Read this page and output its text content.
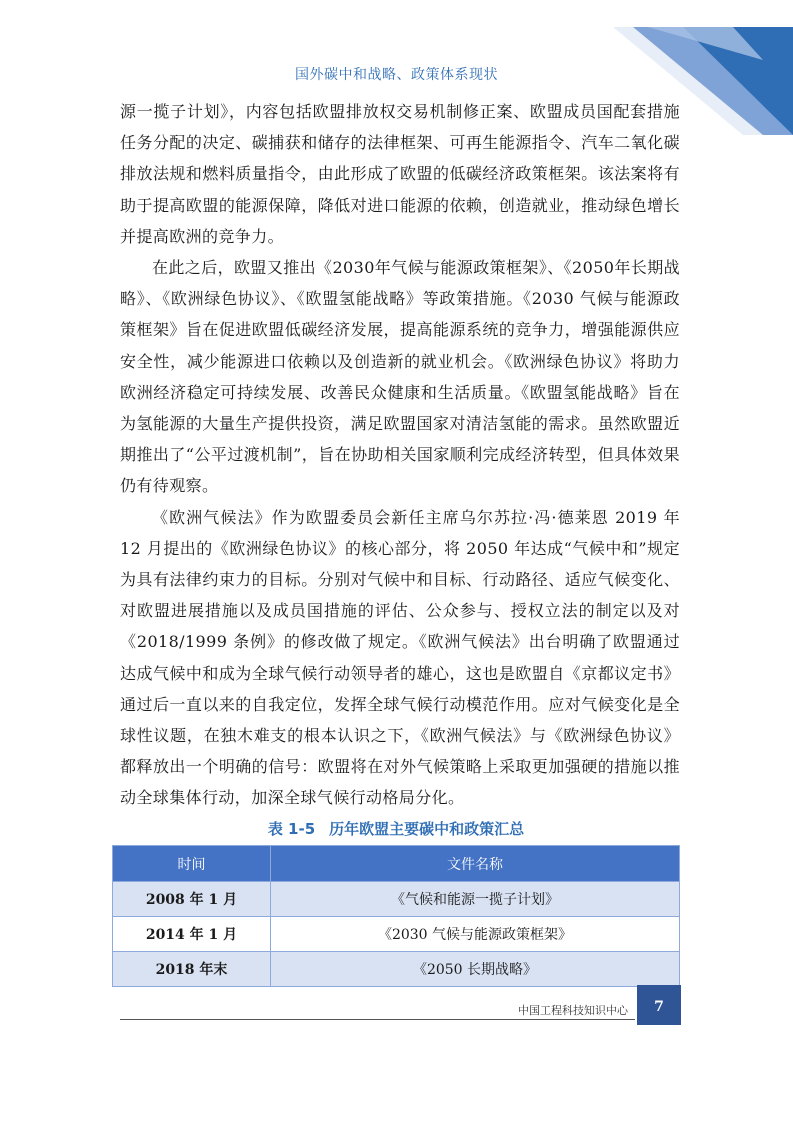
国外碳中和战略、政策体系现状

源一揽子计划》，内容包括欧盟排放权交易机制修正案、欧盟成员国配套措施任务分配的决定、碳捕获和储存的法律框架、可再生能源指令、汽车二氧化碳排放法规和燃料质量指令，由此形成了欧盟的低碳经济政策框架。该法案将有助于提高欧盟的能源保障，降低对进口能源的依赖，创造就业，推动绿色增长并提高欧洲的竞争力。

在此之后，欧盟又推出《2030年气候与能源政策框架》、《2050年长期战略》、《欧洲绿色协议》、《欧盟氢能战略》等政策措施。《2030 气候与能源政策框架》旨在促进欧盟低碳经济发展，提高能源系统的竞争力，增强能源供应安全性，减少能源进口依赖以及创造新的就业机会。《欧洲绿色协议》将助力欧洲经济稳定可持续发展、改善民众健康和生活质量。《欧盟氢能战略》旨在为氢能源的大量生产提供投资，满足欧盟国家对清洁氢能的需求。虽然欧盟近期推出了“公平过渡机制”，旨在协助相关国家顺利完成经济转型，但具体效果仍有待观察。

《欧洲气候法》作为欧盟委员会新任主席乌尔苏拉·冯·德莱恩 2019 年 12 月提出的《欧洲绿色协议》的核心部分，将 2050 年达成“气候中和”规定为具有法律约束力的目标。分别对气候中和目标、行动路径、适应气候变化、对欧盟进展措施以及成员国措施的评估、公众参与、授权立法的制定以及对《2018/1999 条例》的修改做了规定。《欧洲气候法》出台明确了欧盟通过达成气候中和成为全球气候行动领导者的雄心，这也是欧盟自《京都议定书》通过后一直以来的自我定位，发挥全球气候行动模范作用。应对气候变化是全球性议题，在独木难支的根本认识之下，《欧洲气候法》与《欧洲绿色协议》都释放出一个明确的信号：欧盟将在对外气候策略上采取更加强硬的措施以推动全球集体行动，加深全球气候行动格局分化。

表 1-5 历年欧盟主要碳中和政策汇总
时间	文件名称
2008 年 1 月	《气候和能源一揽子计划》
2014 年 1 月	《2030 气候与能源政策框架》
2018 年末	《2050 长期战略》
中国工程科技知识中心	7
